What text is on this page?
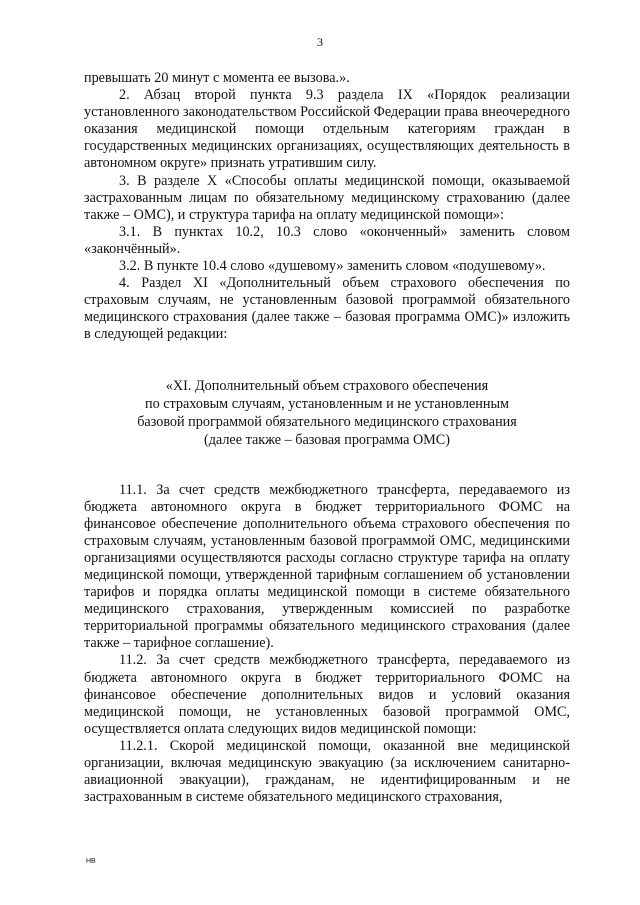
3

превышать 20 минут с момента ее вызова.».

2. Абзац второй пункта 9.3 раздела IX «Порядок реализации установленного законодательством Российской Федерации права внеочередного оказания медицинской помощи отдельным категориям граждан в государственных медицинских организациях, осуществляющих деятельность в автономном округе» признать утратившим силу.

3. В разделе X «Способы оплаты медицинской помощи, оказываемой застрахованным лицам по обязательному медицинскому страхованию (далее также – ОМС), и структура тарифа на оплату медицинской помощи»:

3.1. В пунктах 10.2, 10.3 слово «оконченный» заменить словом «закончённый».

3.2. В пункте 10.4 слово «душевому» заменить словом «подушевому».

4. Раздел XI «Дополнительный объем страхового обеспечения по страховым случаям, не установленным базовой программой обязательного медицинского страхования (далее также – базовая программа ОМС)» изложить в следующей редакции:

«XI. Дополнительный объем страхового обеспечения
по страховым случаям, установленным и не установленным
базовой программой обязательного медицинского страхования
(далее также – базовая программа ОМС)

11.1. За счет средств межбюджетного трансферта, передаваемого из бюджета автономного округа в бюджет территориального ФОМС на финансовое обеспечение дополнительного объема страхового обеспечения по страховым случаям, установленным базовой программой ОМС, медицинскими организациями осуществляются расходы согласно структуре тарифа на оплату медицинской помощи, утвержденной тарифным соглашением об установлении тарифов и порядка оплаты медицинской помощи в системе обязательного медицинского страхования, утвержденным комиссией по разработке территориальной программы обязательного медицинского страхования (далее также – тарифное соглашение).

11.2. За счет средств межбюджетного трансферта, передаваемого из бюджета автономного округа в бюджет территориального ФОМС на финансовое обеспечение дополнительных видов и условий оказания медицинской помощи, не установленных базовой программой ОМС, осуществляется оплата следующих видов медицинской помощи:

11.2.1. Скорой медицинской помощи, оказанной вне медицинской организации, включая медицинскую эвакуацию (за исключением санитарно-авиационной эвакуации), гражданам, не идентифицированным и не застрахованным в системе обязательного медицинского страхования,

HB
